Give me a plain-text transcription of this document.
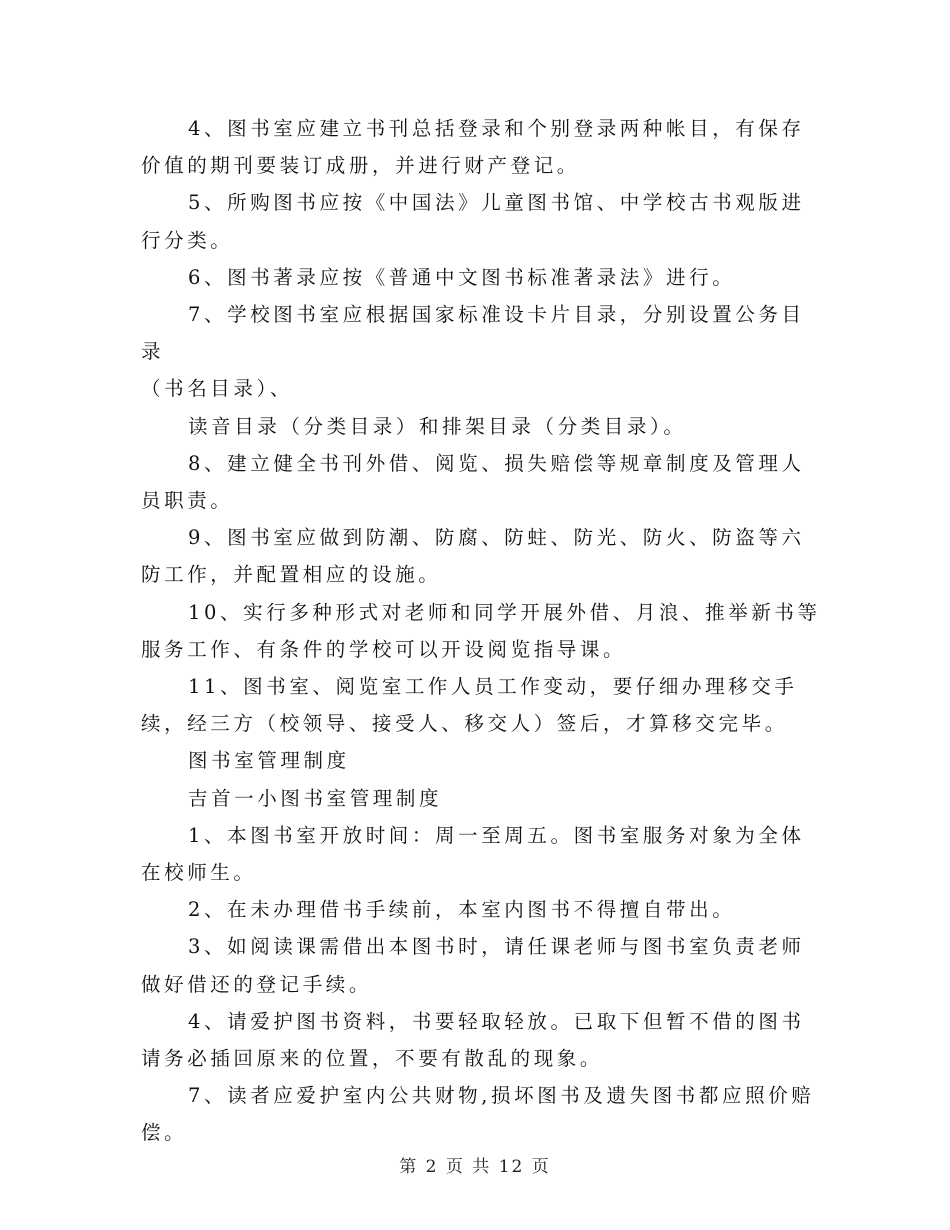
4、图书室应建立书刊总括登录和个别登录两种帐目，有保存价值的期刊要装订成册，并进行财产登记。

5、所购图书应按《中国法》儿童图书馆、中学校古书观版进行分类。

6、图书著录应按《普通中文图书标准著录法》进行。

7、学校图书室应根据国家标准设卡片目录，分别设置公务目录

（书名目录）、

读音目录（分类目录）和排架目录（分类目录）。

8、建立健全书刊外借、阅览、损失赔偿等规章制度及管理人员职责。

9、图书室应做到防潮、防腐、防蛀、防光、防火、防盗等六防工作，并配置相应的设施。

10、实行多种形式对老师和同学开展外借、月浪、推举新书等服务工作、有条件的学校可以开设阅览指导课。

11、图书室、阅览室工作人员工作变动，要仔细办理移交手续，经三方（校领导、接受人、移交人）签后，才算移交完毕。

图书室管理制度

吉首一小图书室管理制度

1、本图书室开放时间：周一至周五。图书室服务对象为全体在校师生。

2、在未办理借书手续前，本室内图书不得擅自带出。

3、如阅读课需借出本图书时，请任课老师与图书室负责老师做好借还的登记手续。

4、请爱护图书资料，书要轻取轻放。已取下但暂不借的图书请务必插回原来的位置，不要有散乱的现象。

7、读者应爱护室内公共财物,损坏图书及遗失图书都应照价赔偿。

第 2 页 共 12 页
